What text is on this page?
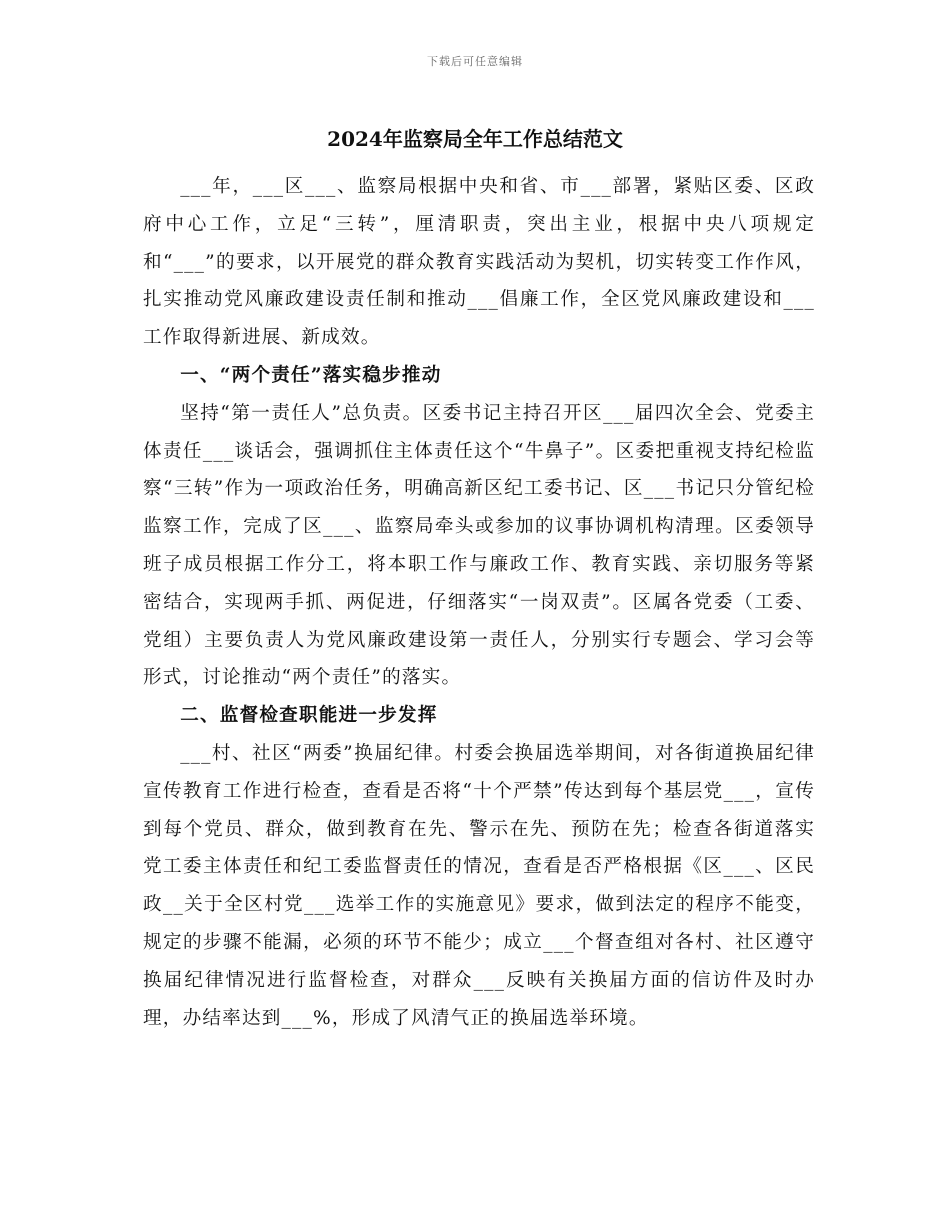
下载后可任意编辑
2024年监察局全年工作总结范文

___年，___区___、监察局根据中央和省、市___部署，紧贴区委、区政府中心工作，立足“三转”，厘清职责，突出主业，根据中央八项规定和“___”的要求，以开展党的群众教育实践活动为契机，切实转变工作作风，扎实推动党风廉政建设责任制和推动___倡廉工作，全区党风廉政建设和___工作取得新进展、新成效。

一、“两个责任”落实稳步推动

坚持“第一责任人”总负责。区委书记主持召开区___届四次全会、党委主体责任___谈话会，强调抓住主体责任这个“牛鼻子”。区委把重视支持纪检监察“三转”作为一项政治任务，明确高新区纪工委书记、区___书记只分管纪检监察工作，完成了区___、监察局牵头或参加的议事协调机构清理。区委领导班子成员根据工作分工，将本职工作与廉政工作、教育实践、亲切服务等紧密结合，实现两手抓、两促进，仔细落实“一岗双责”。区属各党委（工委、党组）主要负责人为党风廉政建设第一责任人，分别实行专题会、学习会等形式，讨论推动“两个责任”的落实。

二、监督检查职能进一步发挥

___村、社区“两委”换届纪律。村委会换届选举期间，对各街道换届纪律宣传教育工作进行检查，查看是否将“十个严禁”传达到每个基层党___，宣传到每个党员、群众，做到教育在先、警示在先、预防在先；检查各街道落实党工委主体责任和纪工委监督责任的情况，查看是否严格根据《区___、区民政__关于全区村党___选举工作的实施意见》要求，做到法定的程序不能变，规定的步骤不能漏，必须的环节不能少；成立___个督查组对各村、社区遵守换届纪律情况进行监督检查，对群众___反映有关换届方面的信访件及时办理，办结率达到___%，形成了风清气正的换届选举环境。
